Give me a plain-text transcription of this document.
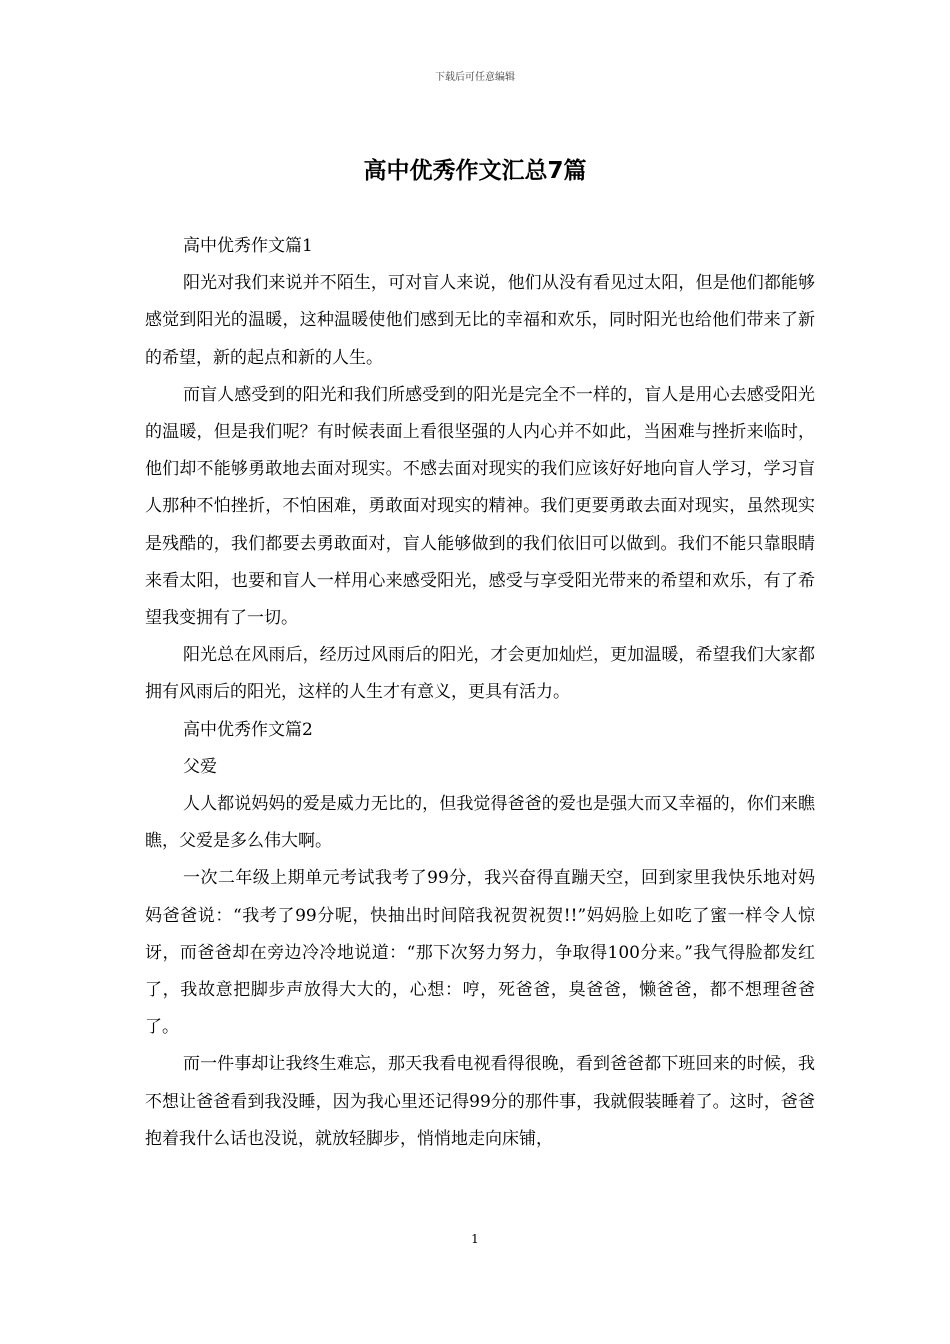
下载后可任意编辑
高中优秀作文汇总7篇

高中优秀作文篇1

阳光对我们来说并不陌生，可对盲人来说，他们从没有看见过太阳，但是他们都能够感觉到阳光的温暖，这种温暖使他们感到无比的幸福和欢乐，同时阳光也给他们带来了新的希望，新的起点和新的人生。

而盲人感受到的阳光和我们所感受到的阳光是完全不一样的，盲人是用心去感受阳光的温暖，但是我们呢？有时候表面上看很坚强的人内心并不如此，当困难与挫折来临时，他们却不能够勇敢地去面对现实。不感去面对现实的我们应该好好地向盲人学习，学习盲人那种不怕挫折，不怕困难，勇敢面对现实的精神。我们更要勇敢去面对现实，虽然现实是残酷的，我们都要去勇敢面对，盲人能够做到的我们依旧可以做到。我们不能只靠眼睛来看太阳，也要和盲人一样用心来感受阳光，感受与享受阳光带来的希望和欢乐，有了希望我变拥有了一切。

阳光总在风雨后，经历过风雨后的阳光，才会更加灿烂，更加温暖，希望我们大家都拥有风雨后的阳光，这样的人生才有意义，更具有活力。

高中优秀作文篇2

父爱

人人都说妈妈的爱是威力无比的，但我觉得爸爸的爱也是强大而又幸福的，你们来瞧瞧，父爱是多么伟大啊。

一次二年级上期单元考试我考了99分，我兴奋得直蹦天空，回到家里我快乐地对妈妈爸爸说：“我考了99分呢，快抽出时间陪我祝贺祝贺!!”妈妈脸上如吃了蜜一样令人惊讶，而爸爸却在旁边冷冷地说道：“那下次努力努力，争取得100分来。”我气得脸都发红了，我故意把脚步声放得大大的，心想：哼，死爸爸，臭爸爸，懒爸爸，都不想理爸爸了。

而一件事却让我终生难忘，那天我看电视看得很晚，看到爸爸都下班回来的时候，我不想让爸爸看到我没睡，因为我心里还记得99分的那件事，我就假装睡着了。这时，爸爸抱着我什么话也没说，就放轻脚步，悄悄地走向床铺，

1
